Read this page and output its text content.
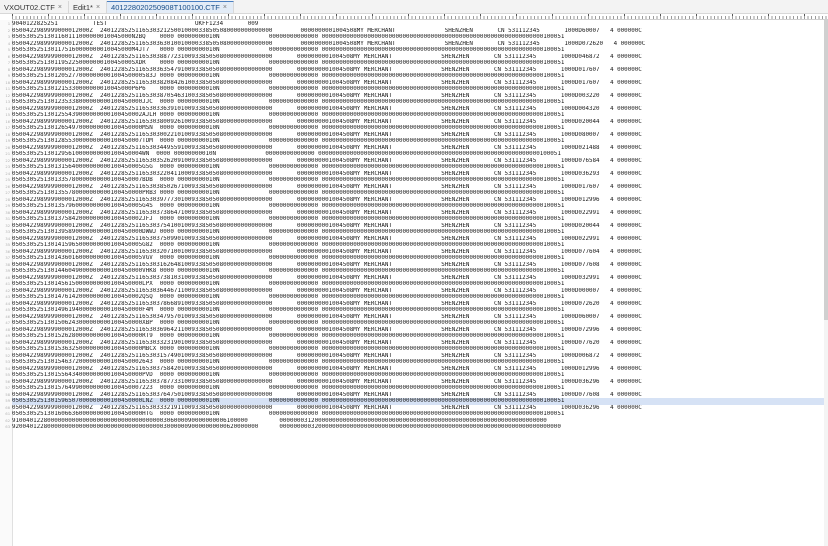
VXOUT02.CTF × Edit1* × 401228020250908T100100.CTF ×
1
2
3
4
5
6
7
8
9
10
11
12
13
14
15
16
17
18
19
20
21
22
23
24
25
26
27
28
29
30
31
32
33
34
35
36
37
38
39
40
41
42
43
44
45
46
47
48
49
50
51
52
53
54
55
56
57
58
59
60
61
62
63
9040122825251          TEST                         UKFF1234       009
0500422989999000012000Z  2401228525116530321250010000338505080000000000000        0000000001004508MY MERCHANT              SHENZHEN       CN 531112345       1000D60007   4 000000C
0505305251301160111000000010045000N2BQ    0000 00000000010N              00000000000000 000000000000000000000000000000000000000000000000000000000000000100051
0500422989999000012000Z  2401228525116530363010010000338505080000000000000        0000000001004508MY MERCHANT              SHENZHEN       CN 531112345       1000D072620   4 000000C
0505305251301175160000000010045000M4JT7   0000 00000000010N              00000000000000 000000000000000000000000000000000000000000000000000000000000000100051
0500422989999000012000Z  2401228525116530388772310093385050800000000000000       0000000001004508MY MERCHANT              SHENZHEN       CN 531112345       1000D046872   4 000000C
0505305251301195225000000010045000SXDR    0000 00000000010N              00000000000000 000000000000000000000000000000000000000000000000000000000000000100051
0500422989999000012000Z  2401228525116530363547910093385050800000000000000       0000000001004508MY MERCHANT              SHENZHEN       CN 531112345       1000D017607   4 000000C
0505305251301205277000000000100450000583J 0000 00000000010N              00000000000000 000000000000000000000000000000000000000000000000000000000000000100051
0500422989999000012000Z  2401228525116530382084261003385050800000000000000       0000000001004508MY MERCHANT              SHENZHEN       CN 531112345       1000D017607   4 000000C
0505305251301215330000000010045000P6P6    0000 00000000010N              00000000000000 000000000000000000000000000000000000000000000000000000000000000100051
0500422989999000012000Z  2401228525116530387054631003385050800000000000000       0000000001004508MY MERCHANT              SHENZHEN       CN 531112345       1000D003220   4 000000C
0505305251301235338000000000100450000JJC  0000 00000000010N              00000000000000 000000000000000000000000000000000000000000000000000000000000000100051
0500422989999000012000Z  2401228525116530336391010093385050800000000000000       0000000001004508MY MERCHANT              SHENZHEN       CN 531112345       1000D004320   4 000000C
0505305251301255439000000000100450002AJLH 0000 00000000010N              00000000000000 000000000000000000000000000000000000000000000000000000000000000100051
0500422989999000012000Z  2401228525116530380092610093385050800000000000000       0000000001004508MY MERCHANT              SHENZHEN       CN 531112345       1000D020044   4 000000C
0505305251301265497000000000100450000MSN  0000 00000000010N              00000000000000 000000000000000000000000000000000000000000000000000000000000000100051
0500422989999000012000Z  2401228525116530300221010093385050800000000000000       0000000001004508MY MERCHANT              SHENZHEN       CN 531112345       1000D080007   4 000000C
0505305251301285530000000000100450007TDM  0000 00000000010N              00000000000000 000000000000000000000000000000000000000000000000000000000000000100051
0500422989999000012000Z  2401228525116530344955910093385050800000000000000       0000000001004508MY MERCHANT              SHENZHEN       CN 531112345       1000D021488   4 000000C
0505305251301295610000000000100450004WN  0000 00000000010N              00000000000000 000000000000000000000000000000000000000000000000000000000000000100051
0500422989999000012000Z  2401228525116530352620910093385050800000000000000       0000000001004508MY MERCHANT              SHENZHEN       CN 531112345       1000D076584   4 000000C
0505305251301315640000000000100450005G5G  0000 00000000010N              00000000000000 000000000000000000000000000000000000000000000000000000000000000100051
0500422989999000012000Z  2401228525116530322041100093385050800000000000000       0000000001004508MY MERCHANT              SHENZHEN       CN 531112345       1000D036293   4 000000C
0505305251301335780000000000100450007BDB  0000 00000000010N              00000000000000 000000000000000000000000000000000000000000000000000000000000000100051
0500422989999000012000Z  2401228525116530385026710093385050800000000000000       0000000001004508MY MERCHANT              SHENZHEN       CN 531112345       1000D017607   4 000000C
0505305251301355780000000000100450000PRB3 0000 00000000010N              00000000000000 000000000000000000000000000000000000000000000000000000000000000100051
0500422989999000012000Z  2401228525116530397773010093385050800000000000000       0000000001004508MY MERCHANT              SHENZHEN       CN 531112345       1000D012996   4 000000C
0505305251301357960000000000100450005G4S  0000 00000000010N              00000000000000 000000000000000000000000000000000000000000000000000000000000000100051
0500422989999000012000Z  2401228525116530373864710093385050800000000000000       0000000001004508MY MERCHANT              SHENZHEN       CN 531112345       1000D022991   4 000000C
0505305251301375842000000000100450002JFJ  0000 00000000010N              00000000000000 000000000000000000000000000000000000000000000000000000000000000100051
0500422989999000012000Z  2401228525116530375410010093385050800000000000000       0000000001004508MY MERCHANT              SHENZHEN       CN 531112345       1000D020044   4 000000C
0505305251301395890000000000100450000DWWJ 0000 00000000010N              00000000000000 000000000000000000000000000000000000000000000000000000000000000100051
0500422989999000012000Z  2401228525116530375099010093385050800000000000000       0000000001004508MY MERCHANT              SHENZHEN       CN 531112345       1000D022991   4 000000C
0505305251301415965000000000100450005G82  0000 00000000010N              00000000000000 000000000000000000000000000000000000000000000000000000000000000100051
0500422989999000012000Z  2401228525116530320710010093385050800000000000000       0000000001004508MY MERCHANT              SHENZHEN       CN 531112345       1000D077604   4 000000C
0505305251301436016000000000100450005VGV  0000 00000000010N              00000000000000 000000000000000000000000000000000000000000000000000000000000000100051
0500422989999000012000Z  2401228525116530316264810093385050800000000000000       0000000001004508MY MERCHANT              SHENZHEN       CN 531112345       1000D077608   4 000000C
0505305251301446049000000000100450000VHK8 0000 00000000010N              00000000000000 000000000000000000000000000000000000000000000000000000000000000100051
0500422989999000012000Z  2401228525116530373810310093385050800000000000000       0000000001004508MY MERCHANT              SHENZHEN       CN 531112345       1000D032991   4 000000C
0505305251301456150000000000100450000LPX  0000 00000000010N              00000000000000 000000000000000000000000000000000000000000000000000000000000000100051
0500422989999000012000Z  2401228525116530364467110093385050800000000000000       0000000001004508MY MERCHANT              SHENZHEN       CN 531112345       1000D000007   4 000000C
0505305251301476142000000000100450002QSQ  0000 00000000010N              00000000000000 000000000000000000000000000000000000000000000000000000000000000100051
0500422989999000012000Z  2401228525116530378668910093385050800000000000000       0000000001004508MY MERCHANT              SHENZHEN       CN 531112345       1000D072620   4 000000C
0505305251301496194000000000100450000F4M  0000 00000000010N              00000000000000 000000000000000000000000000000000000000000000000000000000000000100051
0500422989999000012000Z  2401228525116530347957010093385050800000000000000       0000000001004508MY MERCHANT              SHENZHEN       CN 531112345       1000D060007   4 000000C
0505305251301506243000000000100450000XBP  0000 00000000010N              00000000000000 000000000000000000000000000000000000000000000000000000000000000100051
0500422989999000012000Z  2401228525116530369642110093385050800000000000000       0000000001004508MY MERCHANT              SHENZHEN       CN 531112345       1000D072996   4 000000C
0505305251301526280000000000100450000RT9  0000 00000000010N              00000000000000 000000000000000000000000000000000000000000000000000000000000000100051
0500422989999000012000Z  2401228525116530332319010093385050800000000000000       0000000001004508MY MERCHANT              SHENZHEN       CN 531112345       1000D077620   4 000000C
0505305251301536325000000000100450000MBCX 0000 00000000010N              00000000000000 000000000000000000000000000000000000000000000000000000000000000100051
0500422989999000012000Z  2401228525116530315749010093385050800000000000000       0000000001004508MY MERCHANT              SHENZHEN       CN 531112345       1000D006872   4 000000C
0505305251301546372000000000100450002643  0000 00000000010N              00000000000000 000000000000000000000000000000000000000000000000000000000000000100051
0500422989999000012000Z  2401228525116530375842010093385050800000000000000       0000000001004508MY MERCHANT              SHENZHEN       CN 531112345       1000D012996   4 000000C
0505305251301556434000000000100450000PVD  0000 00000000010N              00000000000000 000000000000000000000000000000000000000000000000000000000000000100051
0500422989999000012000Z  2401228525116530378773310093385050800000000000000       0000000001004508MY MERCHANT              SHENZHEN       CN 531112345       1000D036296   4 000000C
0505305251301576499000000000100450007223  0000 00000000010N              00000000000000 000000000000000000000000000000000000000000000000000000000000000100051
0500422989999000012000Z  2401228525116530376475010093385050800000000000000       0000000001004508MY MERCHANT              SHENZHEN       CN 531112345       1000D077608   4 000000C
0505305251301596507000000000100450000LNZ  0000 00000000010N              00000000000000 000000000000000000000000000000000000000000000000000000000000000100051
0500422989999000012000Z  2401228525116530333219110093385050800000000000000       0000000001004508MY MERCHANT              SHENZHEN       CN 531112345       1000D036296   4 000000C
0505305251301606636000000000100450000HTG  0000 00000000010N              00000000000000 000000000000000000000000000000000000000000000000000000000000000100051
9100401228000000000000000000000000000000000306000090000000006100000         0000000312000000000000000000000000000000000000000000000000000000000000000000
9200401228000000000000000000000000000000000300000090000000000620000000      00000000032000000000000000000000000000000000000000000000000000000000000000000000
